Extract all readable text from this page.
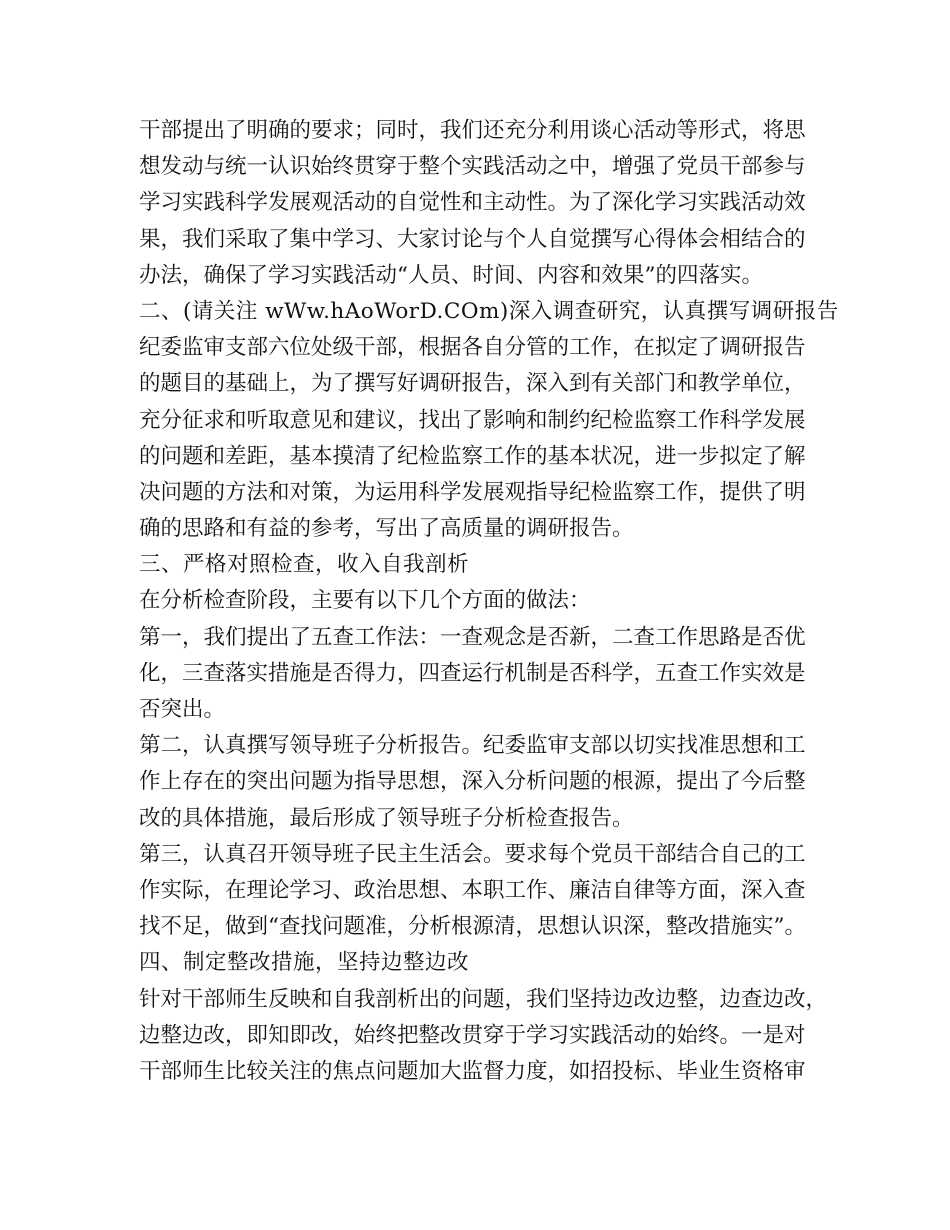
干部提出了明确的要求；同时，我们还充分利用谈心活动等形式，将思
想发动与统一认识始终贯穿于整个实践活动之中，增强了党员干部参与
学习实践科学发展观活动的自觉性和主动性。为了深化学习实践活动效
果，我们采取了集中学习、大家讨论与个人自觉撰写心得体会相结合的
办法，确保了学习实践活动“人员、时间、内容和效果”的四落实。
二、(请关注 wWw.hAoWorD.COm)深入调查研究，认真撰写调研报告
纪委监审支部六位处级干部，根据各自分管的工作，在拟定了调研报告
的题目的基础上，为了撰写好调研报告，深入到有关部门和教学单位，
充分征求和听取意见和建议，找出了影响和制约纪检监察工作科学发展
的问题和差距，基本摸清了纪检监察工作的基本状况，进一步拟定了解
决问题的方法和对策，为运用科学发展观指导纪检监察工作，提供了明
确的思路和有益的参考，写出了高质量的调研报告。
三、严格对照检查，收入自我剖析
在分析检查阶段，主要有以下几个方面的做法：
第一，我们提出了五查工作法：一查观念是否新，二查工作思路是否优
化，三查落实措施是否得力，四查运行机制是否科学，五查工作实效是
否突出。
第二，认真撰写领导班子分析报告。纪委监审支部以切实找准思想和工
作上存在的突出问题为指导思想，深入分析问题的根源，提出了今后整
改的具体措施，最后形成了领导班子分析检查报告。
第三，认真召开领导班子民主生活会。要求每个党员干部结合自己的工
作实际，在理论学习、政治思想、本职工作、廉洁自律等方面，深入查
找不足，做到“查找问题准，分析根源清，思想认识深，整改措施实”。
四、制定整改措施，坚持边整边改
针对干部师生反映和自我剖析出的问题，我们坚持边改边整，边查边改，
边整边改，即知即改，始终把整改贯穿于学习实践活动的始终。一是对
干部师生比较关注的焦点问题加大监督力度，如招投标、毕业生资格审
